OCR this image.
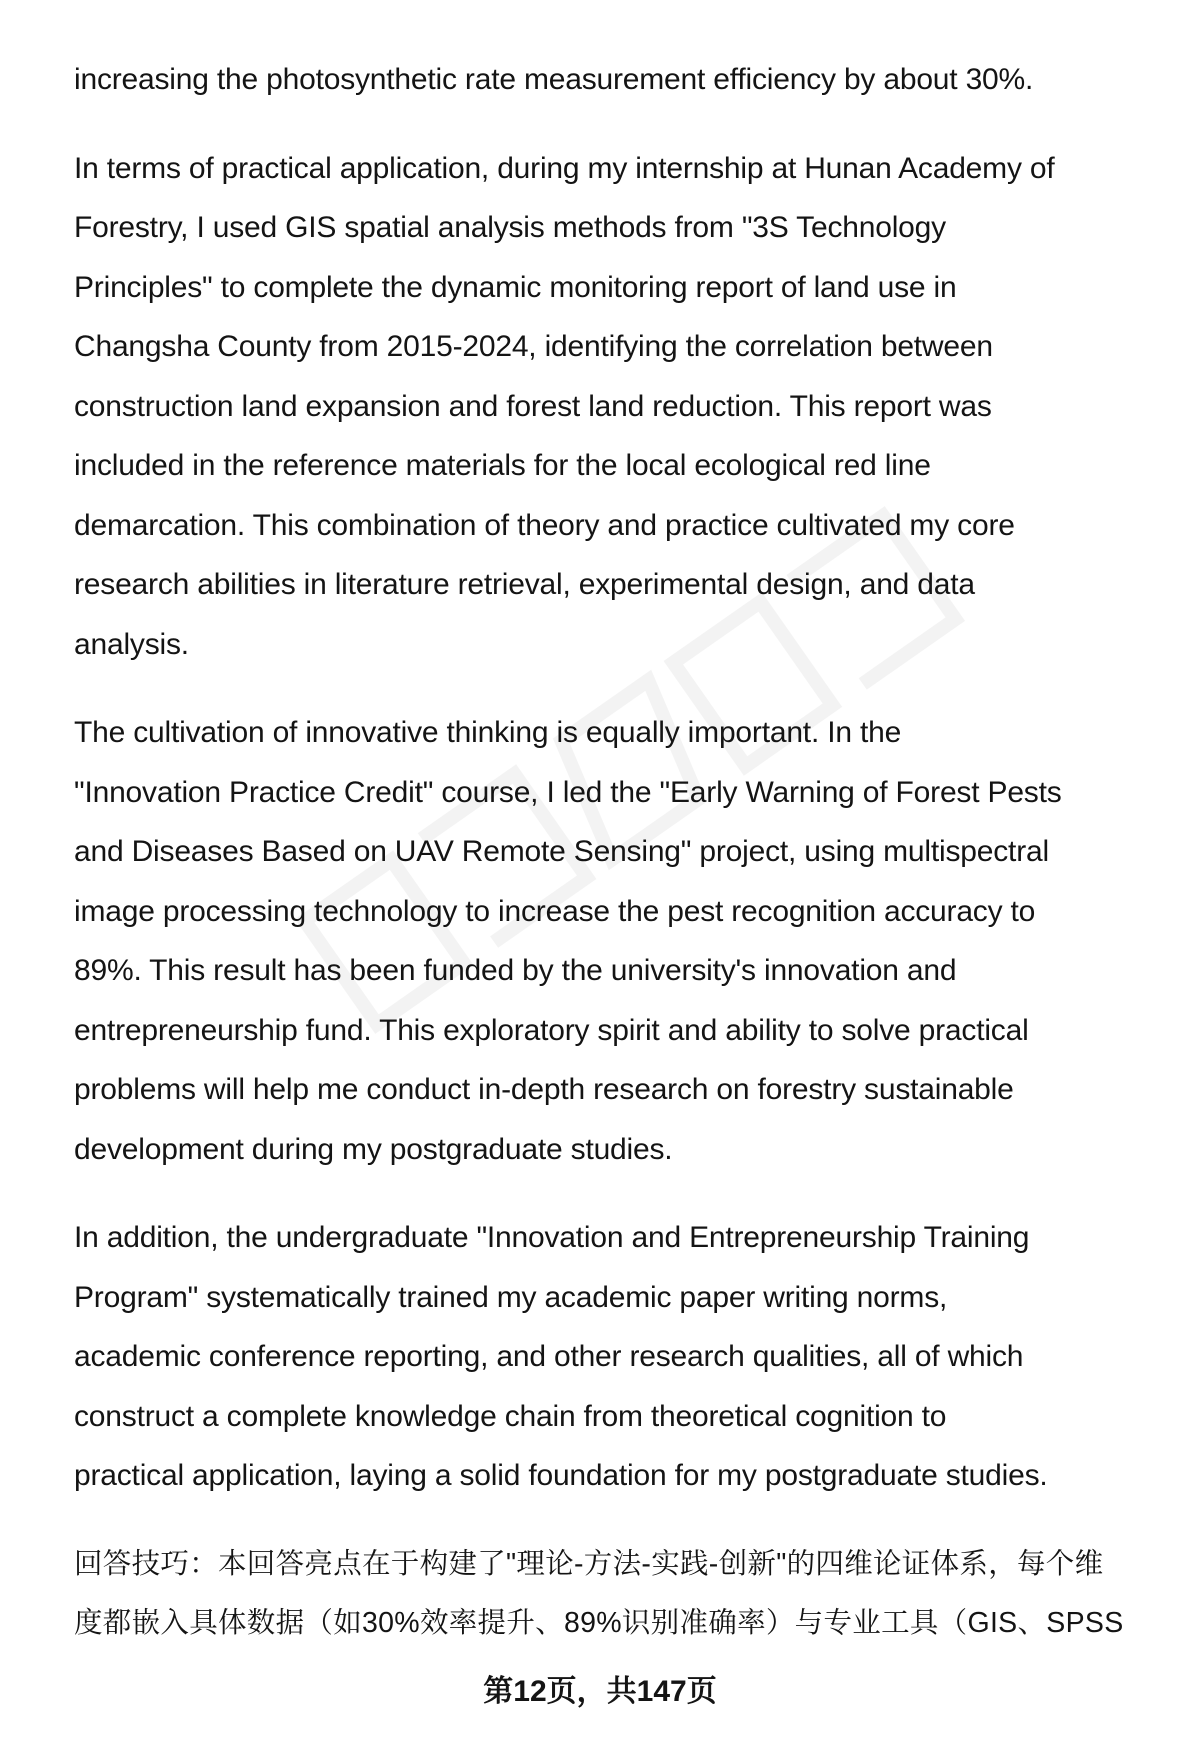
increasing the photosynthetic rate measurement efficiency by about 30%.

In terms of practical application, during my internship at Hunan Academy of
Forestry, I used GIS spatial analysis methods from "3S Technology
Principles" to complete the dynamic monitoring report of land use in
Changsha County from 2015-2024, identifying the correlation between
construction land expansion and forest land reduction. This report was
included in the reference materials for the local ecological red line
demarcation. This combination of theory and practice cultivated my core
research abilities in literature retrieval, experimental design, and data
analysis.

The cultivation of innovative thinking is equally important. In the
"Innovation Practice Credit" course, I led the "Early Warning of Forest Pests
and Diseases Based on UAV Remote Sensing" project, using multispectral
image processing technology to increase the pest recognition accuracy to
89%. This result has been funded by the university's innovation and
entrepreneurship fund. This exploratory spirit and ability to solve practical
problems will help me conduct in-depth research on forestry sustainable
development during my postgraduate studies.

In addition, the undergraduate "Innovation and Entrepreneurship Training
Program" systematically trained my academic paper writing norms,
academic conference reporting, and other research qualities, all of which
construct a complete knowledge chain from theoretical cognition to
practical application, laying a solid foundation for my postgraduate studies.

回答技巧：本回答亮点在于构建了"理论-方法-实践-创新"的四维论证体系，每个维
度都嵌入具体数据（如30%效率提升、89%识别准确率）与专业工具（GIS、SPSS

第12页，共147页
